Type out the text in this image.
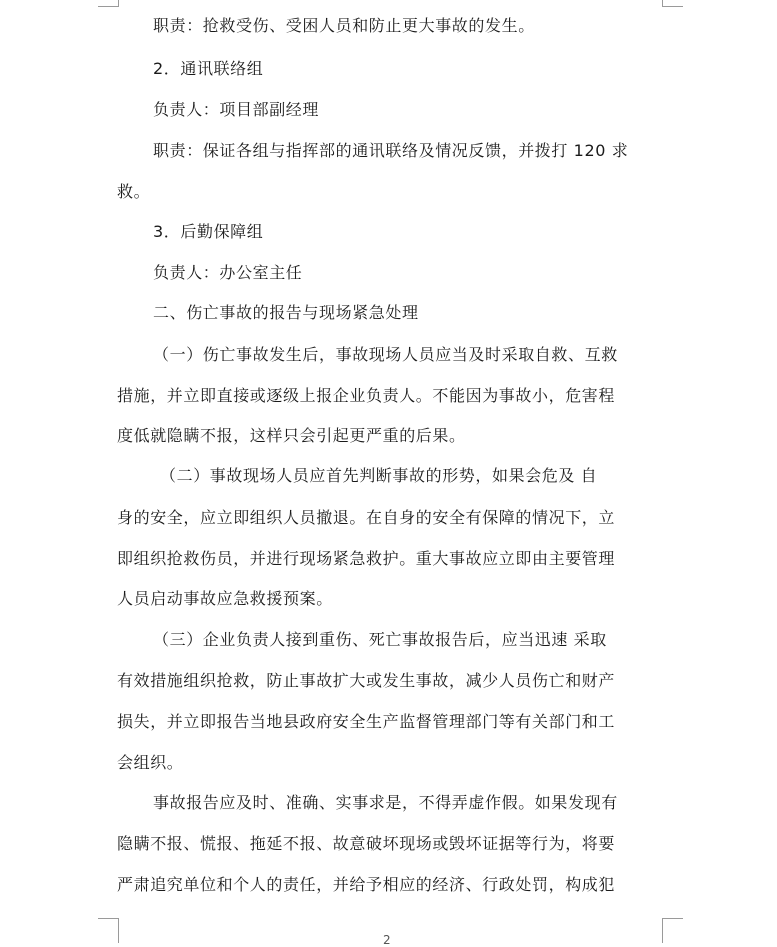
职责：抢救受伤、受困人员和防止更大事故的发生。
2．通讯联络组
负责人：项目部副经理
职责：保证各组与指挥部的通讯联络及情况反馈，并拨打 120 求
救。
3．后勤保障组
负责人：办公室主任
二、伤亡事故的报告与现场紧急处理
（一）伤亡事故发生后，事故现场人员应当及时采取自救、互救
措施，并立即直接或逐级上报企业负责人。不能因为事故小，危害程
度低就隐瞒不报，这样只会引起更严重的后果。
（二）事故现场人员应首先判断事故的形势，如果会危及 自
身的安全，应立即组织人员撤退。在自身的安全有保障的情况下，立
即组织抢救伤员，并进行现场紧急救护。重大事故应立即由主要管理
人员启动事故应急救援预案。
（三）企业负责人接到重伤、死亡事故报告后，应当迅速 采取
有效措施组织抢救，防止事故扩大或发生事故，减少人员伤亡和财产
损失，并立即报告当地县政府安全生产监督管理部门等有关部门和工
会组织。
事故报告应及时、准确、实事求是，不得弄虚作假。如果发现有
隐瞒不报、慌报、拖延不报、故意破坏现场或毁坏证据等行为，将要
严肃追究单位和个人的责任，并给予相应的经济、行政处罚，构成犯
2
